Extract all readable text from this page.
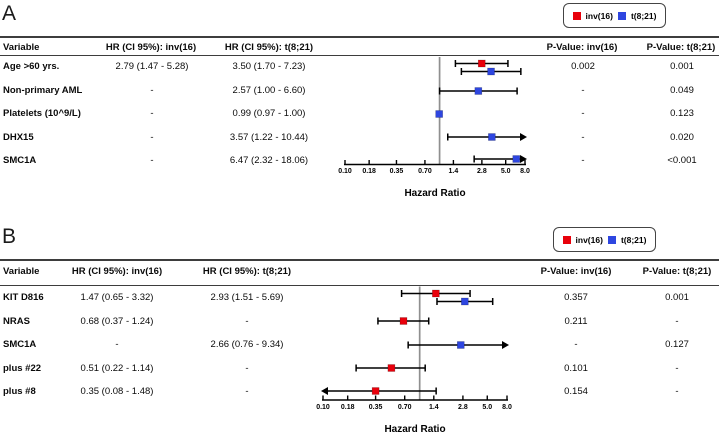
A	inv(16) t(8;21)
Variable	HR (CI 95%): inv(16)	HR (CI 95%): t(8;21)	P-Value: inv(16)	P-Value: t(8;21)
Age >60 yrs.	2.79 (1.47 - 5.28)	3.50 (1.70 - 7.23)	0.002	0.001
Non-primary AML	-	2.57 (1.00 - 6.60)	-	0.049
Platelets (10^9/L)	-	0.99 (0.97 - 1.00)	-	0.123
DHX15	-	3.57 (1.22 - 10.44)	-	0.020
SMC1A	-	6.47 (2.32 - 18.06)	-	<0.001
B	inv(16) t(8;21)
Variable	HR (CI 95%): inv(16)	HR (CI 95%): t(8;21)	P-Value: inv(16)	P-Value: t(8;21)
KIT D816	1.47 (0.65 - 3.32)	2.93 (1.51 - 5.69)	0.357	0.001
NRAS	0.68 (0.37 - 1.24)	-	0.211	-
SMC1A	-	2.66 (0.76 - 9.34)	-	0.127
plus #22	0.51 (0.22 - 1.14)	-	0.101	-
plus #8	0.35 (0.08 - 1.48)	-	0.154	-
0.10 0.18 0.35 0.70 1.4	2.8 5.0 8.0
Hazard Ratio
0.10 0.18 0.35 0.70 1.4	2.8 5.0 8.0
Hazard Ratio
